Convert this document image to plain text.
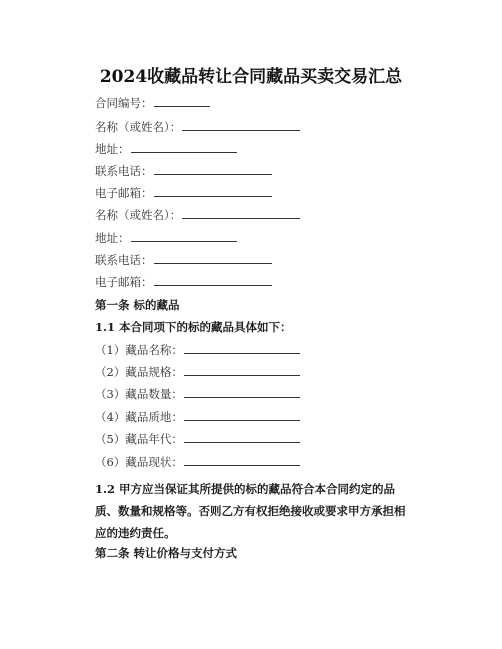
2024收藏品转让合同藏品买卖交易汇总
合同编号：
名称（或姓名）：
地址：
联系电话：
电子邮箱：
名称（或姓名）：
地址：
联系电话：
电子邮箱：
第一条 标的藏品
1.1 本合同项下的标的藏品具体如下：
（1）藏品名称：
（2）藏品规格：
（3）藏品数量：
（4）藏品质地：
（5）藏品年代：
（6）藏品现状：
1.2 甲方应当保证其所提供的标的藏品符合本合同约定的品质、数量和规格等。否则乙方有权拒绝接收或要求甲方承担相应的违约责任。
第二条 转让价格与支付方式
